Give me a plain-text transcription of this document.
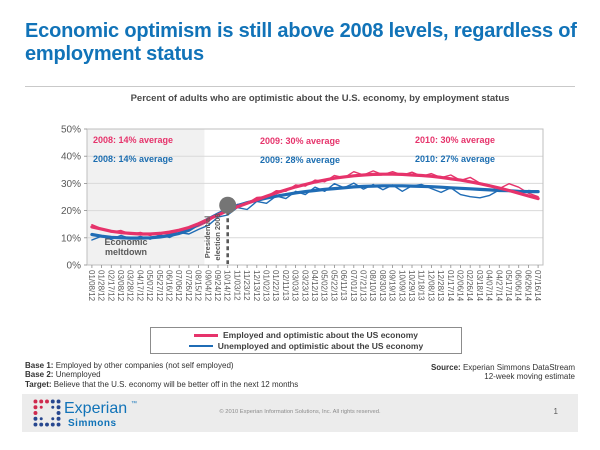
Economic optimism is still above 2008 levels, regardless of employment status
Percent of adults who are optimistic about the U.S. economy, by employment status
0%
10%
20%
30%
40%
50%
01/08/12 01/28/12 02/17/12 03/08/12 03/28/12 04/17/12 05/07/12 05/27/12 06/16/12 07/06/12 07/26/12 08/15/12 09/04/12 09/24/12 10/14/12 11/03/12 11/23/12 12/13/12 01/02/13 01/22/13 02/11/13 03/03/13 03/23/13 04/12/13 05/02/13 05/22/13 06/11/13 07/01/13 07/21/13 08/10/13 08/30/13 09/19/13 10/09/13 10/29/13 11/18/13 12/08/13 12/28/13 01/17/14 02/06/14 02/26/14 03/18/14 04/07/14 04/27/14 05/17/14 06/06/14 06/26/14 07/16/14
2008: 14% average	2009: 30% average	2010: 30% average
2008: 14% average	2009: 28% average	2010: 27% average
Economic meltdown	Presidential election 2008
Employed and optimistic about the US economy
Unemployed and optimistic about the US economy
Base 1: Employed by other companies (not self employed)
Base 2: Unemployed
Target: Believe that the U.S. economy will be better off in the next 12 months
Source: Experian Simmons DataStream
12-week moving estimate
Experian ™
Simmons
© 2010 Experian Information Solutions, Inc. All rights reserved.	1
